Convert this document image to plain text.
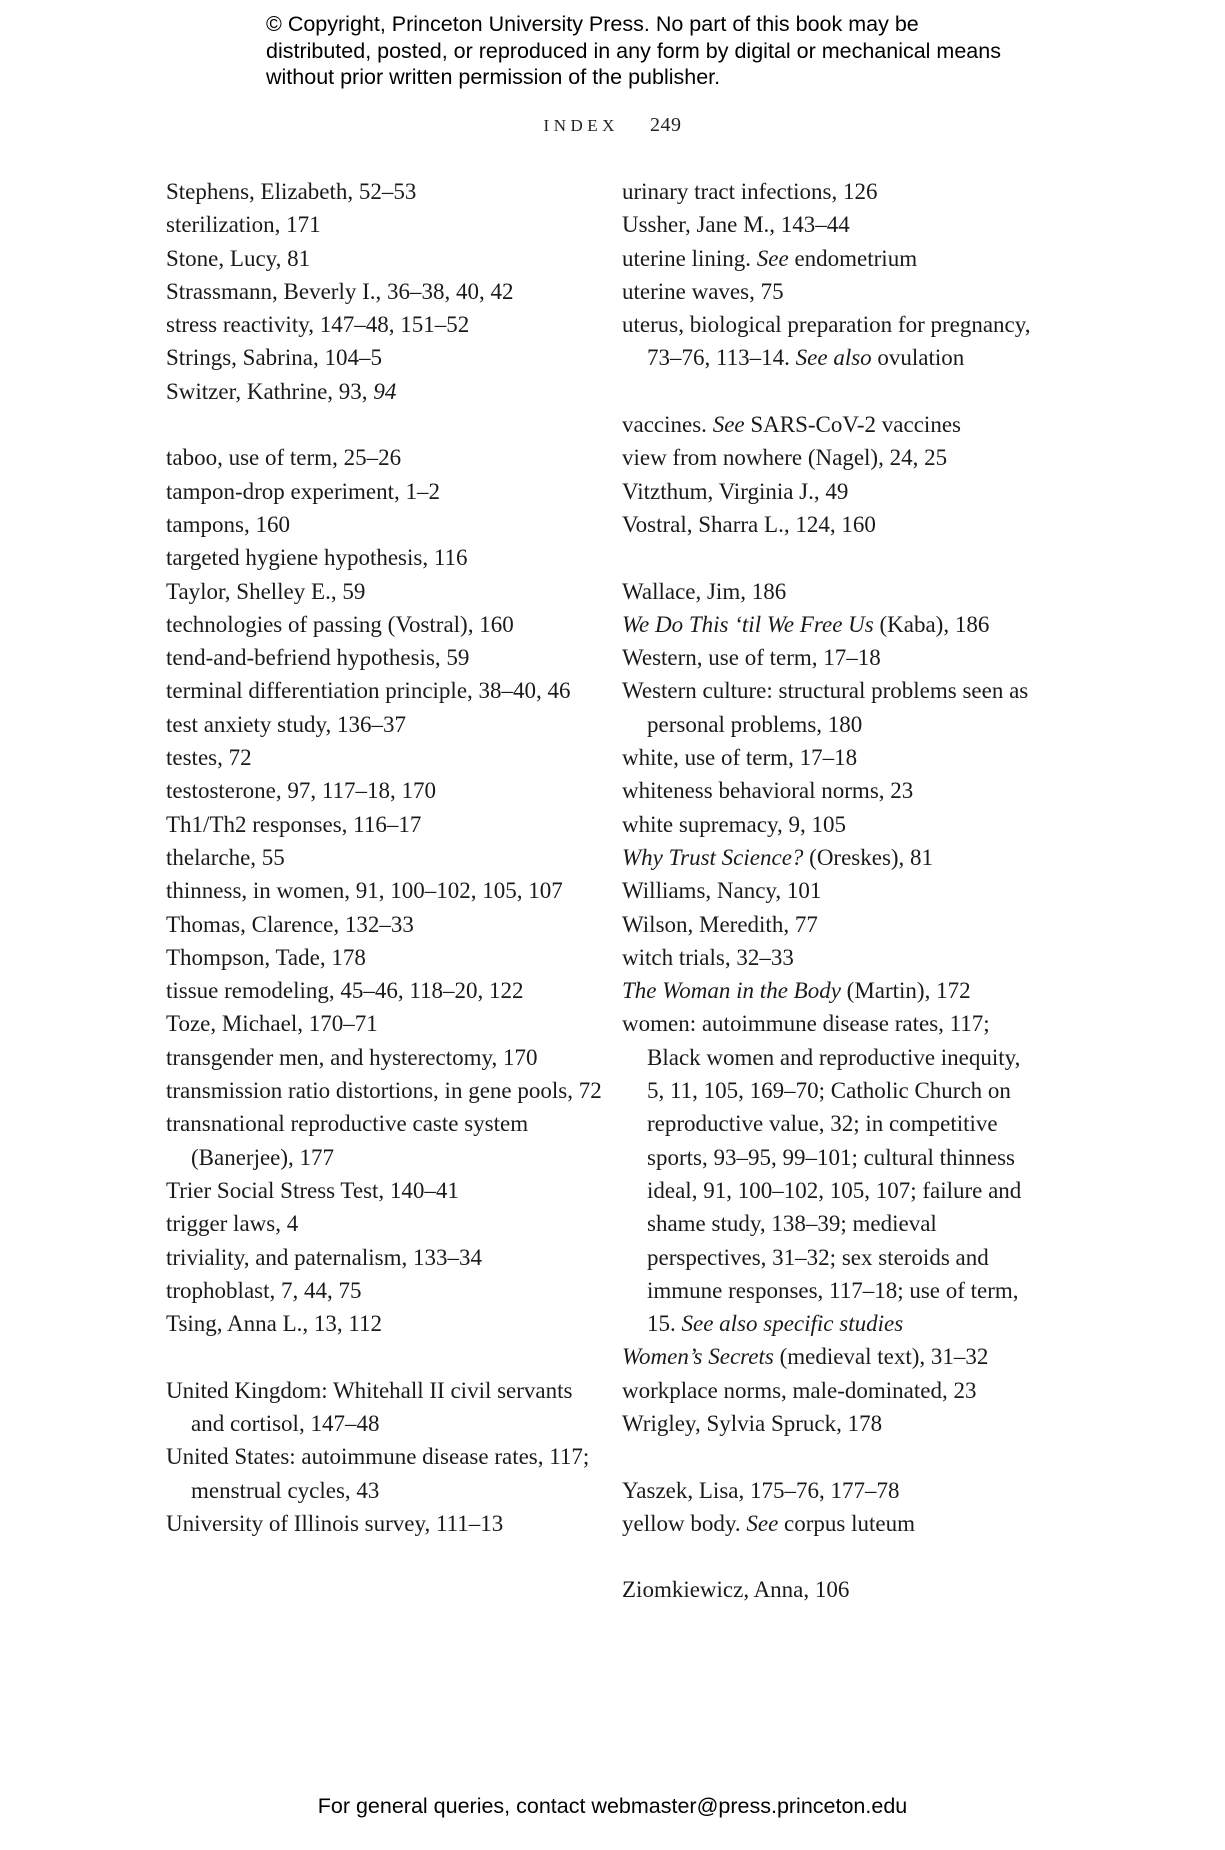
© Copyright, Princeton University Press. No part of this book may be distributed, posted, or reproduced in any form by digital or mechanical means without prior written permission of the publisher.

INDEX 249

Stephens, Elizabeth, 52–53

sterilization, 171

Stone, Lucy, 81

Strassmann, Beverly I., 36–38, 40, 42

stress reactivity, 147–48, 151–52

Strings, Sabrina, 104–5

Switzer, Kathrine, 93, 94

taboo, use of term, 25–26

tampon-drop experiment, 1–2

tampons, 160

targeted hygiene hypothesis, 116

Taylor, Shelley E., 59

technologies of passing (Vostral), 160

tend-and-befriend hypothesis, 59

terminal differentiation principle, 38–40, 46

test anxiety study, 136–37

testes, 72

testosterone, 97, 117–18, 170

Th1/Th2 responses, 116–17

thelarche, 55

thinness, in women, 91, 100–102, 105, 107

Thomas, Clarence, 132–33

Thompson, Tade, 178

tissue remodeling, 45–46, 118–20, 122

Toze, Michael, 170–71

transgender men, and hysterectomy, 170

transmission ratio distortions, in gene pools, 72

transnational reproductive caste system (Banerjee), 177

Trier Social Stress Test, 140–41

trigger laws, 4

triviality, and paternalism, 133–34

trophoblast, 7, 44, 75

Tsing, Anna L., 13, 112

United Kingdom: Whitehall II civil servants and cortisol, 147–48

United States: autoimmune disease rates, 117; menstrual cycles, 43

University of Illinois survey, 111–13

urinary tract infections, 126

Ussher, Jane M., 143–44

uterine lining. See endometrium

uterine waves, 75

uterus, biological preparation for pregnancy, 73–76, 113–14. See also ovulation

vaccines. See SARS-CoV-2 vaccines

view from nowhere (Nagel), 24, 25

Vitzthum, Virginia J., 49

Vostral, Sharra L., 124, 160

Wallace, Jim, 186

We Do This ‘til We Free Us (Kaba), 186

Western, use of term, 17–18

Western culture: structural problems seen as personal problems, 180

white, use of term, 17–18

whiteness behavioral norms, 23

white supremacy, 9, 105

Why Trust Science? (Oreskes), 81

Williams, Nancy, 101

Wilson, Meredith, 77

witch trials, 32–33

The Woman in the Body (Martin), 172

women: autoimmune disease rates, 117; Black women and reproductive inequity, 5, 11, 105, 169–70; Catholic Church on reproductive value, 32; in competitive sports, 93–95, 99–101; cultural thinness ideal, 91, 100–102, 105, 107; failure and shame study, 138–39; medieval perspectives, 31–32; sex steroids and immune responses, 117–18; use of term, 15. See also specific studies

Women’s Secrets (medieval text), 31–32

workplace norms, male-dominated, 23

Wrigley, Sylvia Spruck, 178

Yaszek, Lisa, 175–76, 177–78

yellow body. See corpus luteum

Ziomkiewicz, Anna, 106

For general queries, contact webmaster@press.princeton.edu
